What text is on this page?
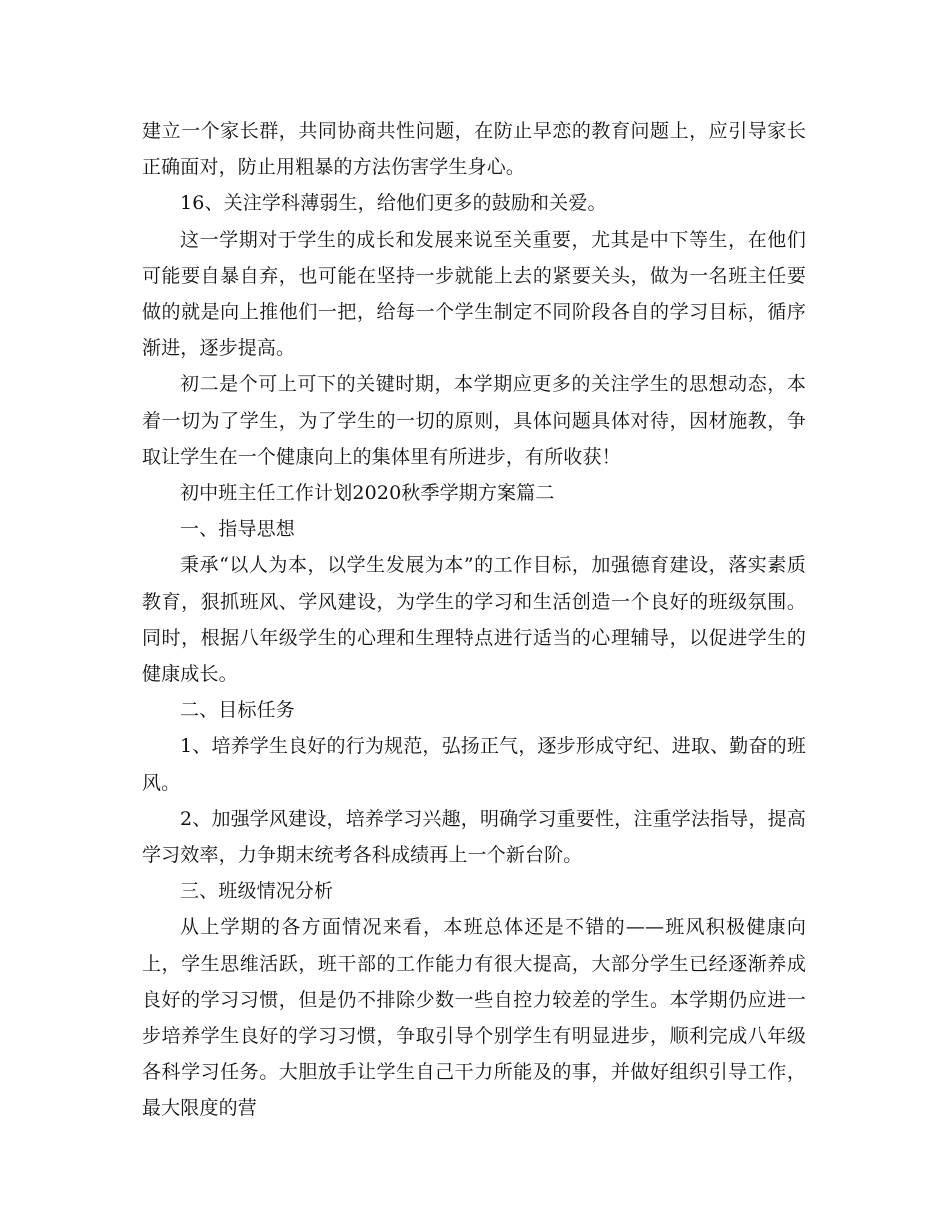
建立一个家长群，共同协商共性问题，在防止早恋的教育问题上，应引导家长正确面对，防止用粗暴的方法伤害学生身心。

16、关注学科薄弱生，给他们更多的鼓励和关爱。

这一学期对于学生的成长和发展来说至关重要，尤其是中下等生，在他们可能要自暴自弃，也可能在坚持一步就能上去的紧要关头，做为一名班主任要做的就是向上推他们一把，给每一个学生制定不同阶段各自的学习目标，循序渐进，逐步提高。

初二是个可上可下的关键时期，本学期应更多的关注学生的思想动态，本着一切为了学生，为了学生的一切的原则，具体问题具体对待，因材施教，争取让学生在一个健康向上的集体里有所进步，有所收获！

初中班主任工作计划2020秋季学期方案篇二

一、指导思想

秉承“以人为本，以学生发展为本”的工作目标，加强德育建设，落实素质教育，狠抓班风、学风建设，为学生的学习和生活创造一个良好的班级氛围。同时，根据八年级学生的心理和生理特点进行适当的心理辅导，以促进学生的健康成长。

二、目标任务

1、培养学生良好的行为规范，弘扬正气，逐步形成守纪、进取、勤奋的班风。

2、加强学风建设，培养学习兴趣，明确学习重要性，注重学法指导，提高学习效率，力争期末统考各科成绩再上一个新台阶。

三、班级情况分析

从上学期的各方面情况来看，本班总体还是不错的——班风积极健康向上，学生思维活跃，班干部的工作能力有很大提高，大部分学生已经逐渐养成良好的学习习惯，但是仍不排除少数一些自控力较差的学生。本学期仍应进一步培养学生良好的学习习惯，争取引导个别学生有明显进步，顺利完成八年级各科学习任务。大胆放手让学生自己干力所能及的事，并做好组织引导工作，最大限度的营
